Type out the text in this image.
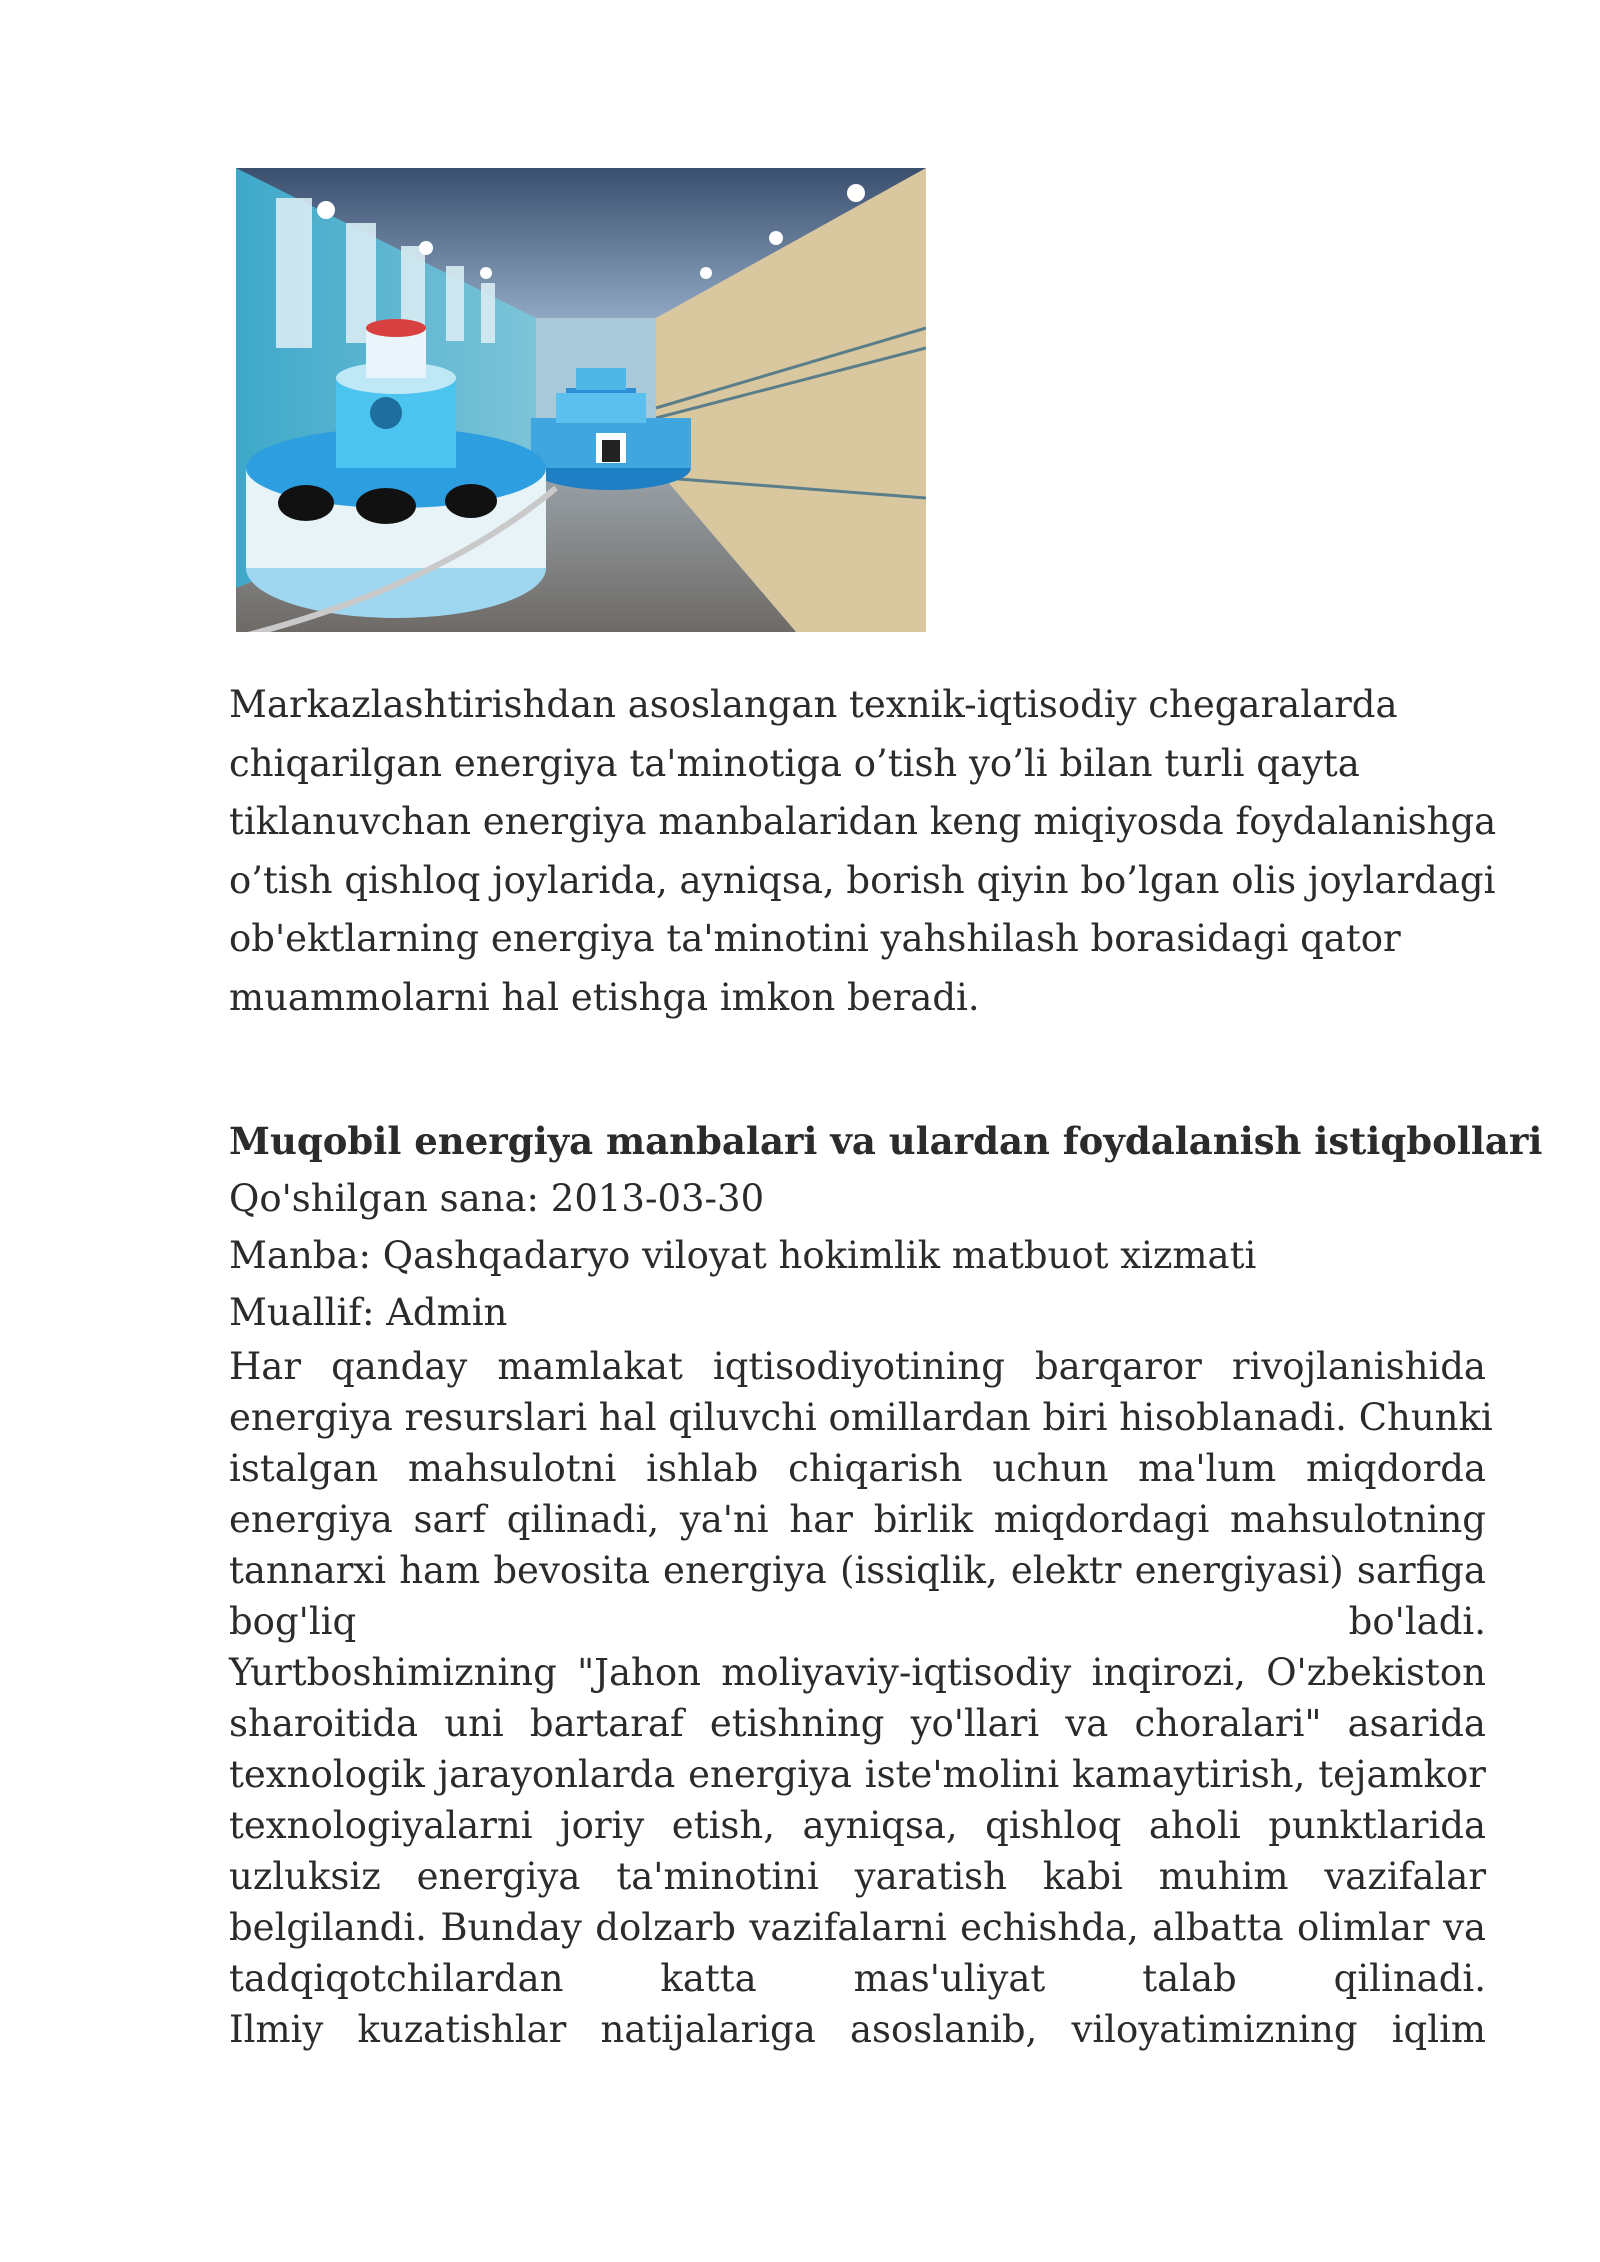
Markazlashtirishdan asoslangan texnik-iqtisodiy chegaralarda
chiqarilgan energiya ta'minotiga o’tish yo’li bilan turli qayta
tiklanuvchan energiya manbalaridan keng miqiyosda foydalanishga
o’tish qishloq joylarida, ayniqsa, borish qiyin bo’lgan olis joylardagi
ob'ektlarning energiya ta'minotini yahshilash borasidagi qator
muammolarni hal etishga imkon beradi.

Muqobil energiya manbalari va ulardan foydalanish istiqbollari

Qo'shilgan sana: 2013-03-30

Manba: Qashqadaryo viloyat hokimlik matbuot xizmati

Muallif: Admin

Har qanday mamlakat iqtisodiyotining barqaror rivojlanishida
energiya resurslari hal qiluvchi omillardan biri hisoblanadi. Chunki
istalgan mahsulotni ishlab chiqarish uchun ma'lum miqdorda
energiya sarf qilinadi, ya'ni har birlik miqdordagi mahsulotning
tannarxi ham bevosita energiya (issiqlik, elektr energiyasi) sarfiga
bog'liq bo'ladi.
Yurtboshimizning "Jahon moliyaviy-iqtisodiy inqirozi, O'zbekiston
sharoitida uni bartaraf etishning yo'llari va choralari" asarida
texnologik jarayonlarda energiya iste'molini kamaytirish, tejamkor
texnologiyalarni joriy etish, ayniqsa, qishloq aholi punktlarida
uzluksiz energiya ta'minotini yaratish kabi muhim vazifalar
belgilandi. Bunday dolzarb vazifalarni echishda, albatta olimlar va
tadqiqotchilardan katta mas'uliyat talab qilinadi.
Ilmiy kuzatishlar natijalariga asoslanib, viloyatimizning iqlim
